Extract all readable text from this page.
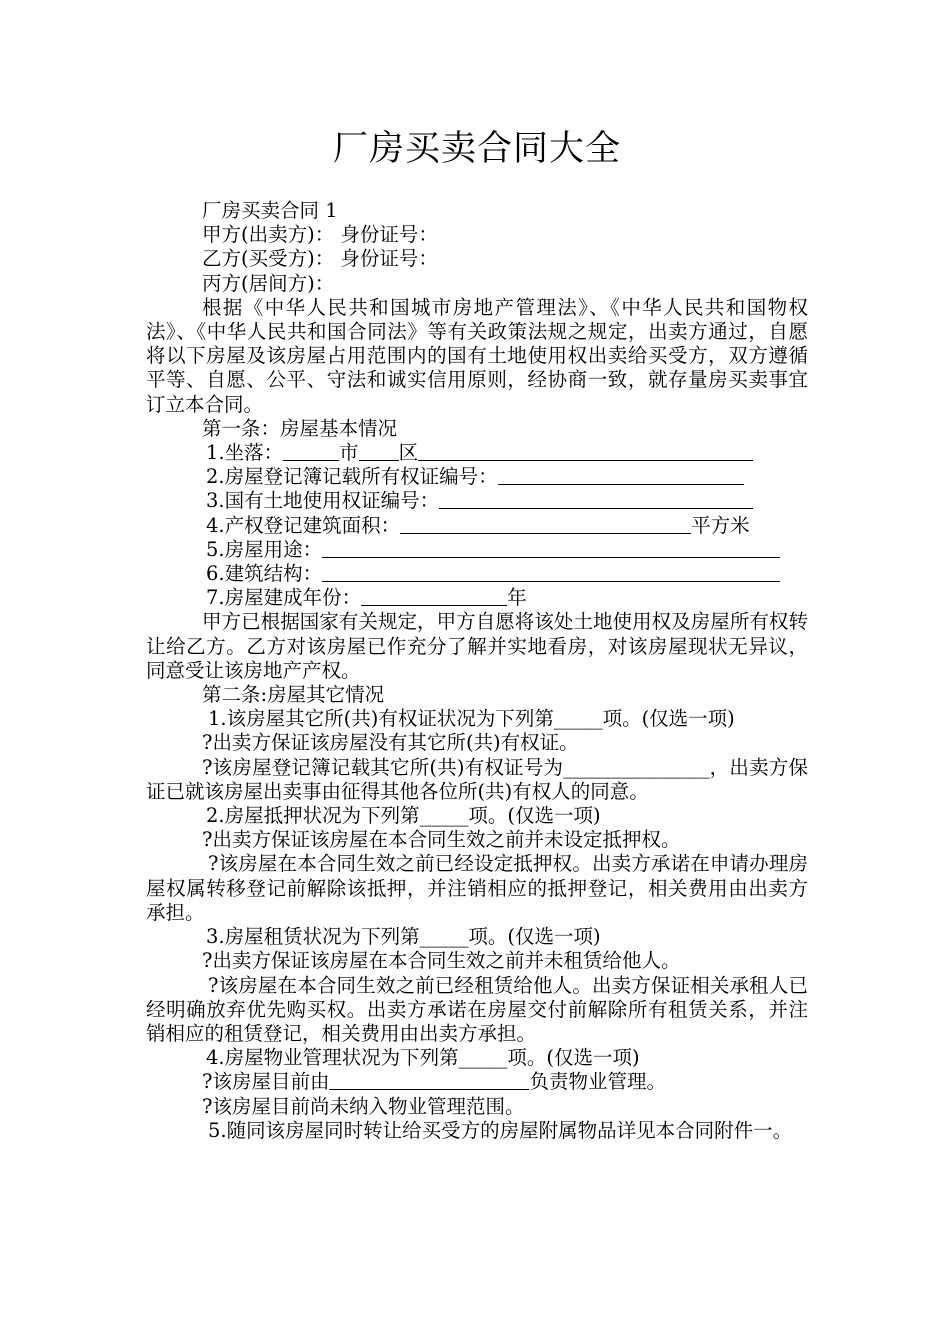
厂房买卖合同大全

厂房买卖合同 1

甲方(出卖方)： 身份证号：

乙方(买受方)： 身份证号：

丙方(居间方)：

根据《中华人民共和国城市房地产管理法》、《中华人民共和国物权法》、《中华人民共和国合同法》等有关政策法规之规定，出卖方通过，自愿将以下房屋及该房屋占用范围内的国有土地使用权出卖给买受方，双方遵循平等、自愿、公平、守法和诚实信用原则，经协商一致，就存量房买卖事宜订立本合同。

第一条：房屋基本情况

1.坐落：	市 区

2.房屋登记簿记载所有权证编号：

3.国有土地使用权证编号：

4.产权登记建筑面积：	平方米

5.房屋用途：

6.建筑结构：

7.房屋建成年份：	年

甲方已根据国家有关规定，甲方自愿将该处土地使用权及房屋所有权转让给乙方。乙方对该房屋已作充分了解并实地看房，对该房屋现状无异议，同意受让该房地产产权。

第二条:房屋其它情况

1.该房屋其它所(共)有权证状况为下列第_____项。(仅选一项)

?出卖方保证该房屋没有其它所(共)有权证。

?该房屋登记簿记载其它所(共)有权证号为_______________，出卖方保证已就该房屋出卖事由征得其他各位所(共)有权人的同意。

2.房屋抵押状况为下列第_____项。(仅选一项)

?出卖方保证该房屋在本合同生效之前并未设定抵押权。

?该房屋在本合同生效之前已经设定抵押权。出卖方承诺在申请办理房屋权属转移登记前解除该抵押，并注销相应的抵押登记，相关费用由出卖方承担。

3.房屋租赁状况为下列第_____项。(仅选一项)

?出卖方保证该房屋在本合同生效之前并未租赁给他人。

?该房屋在本合同生效之前已经租赁给他人。出卖方保证相关承租人已经明确放弃优先购买权。出卖方承诺在房屋交付前解除所有租赁关系，并注销相应的租赁登记，相关费用由出卖方承担。

4.房屋物业管理状况为下列第_____项。(仅选一项)

?该房屋目前由	负责物业管理。

?该房屋目前尚未纳入物业管理范围。

5.随同该房屋同时转让给买受方的房屋附属物品详见本合同附件一。
